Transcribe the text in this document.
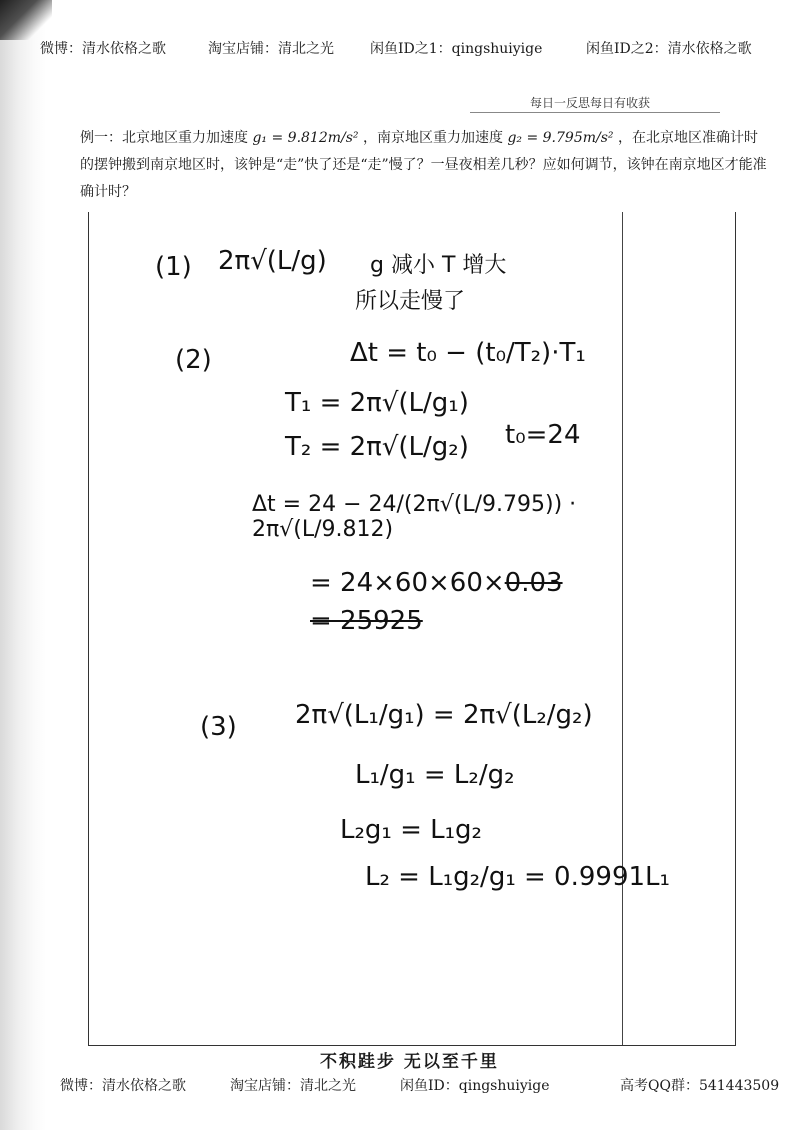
微博：清水依格之歌	淘宝店铺：清北之光	闲鱼ID之1：qingshuiyige	闲鱼ID之2：清水依格之歌
每日一反思每日有收获
例一：北京地区重力加速度 g₁ = 9.812m/s² ，南京地区重力加速度 g₂ = 9.795m/s² ，在北京地区准确计时的摆钟搬到南京地区时，该钟是“走”快了还是“走”慢了？一昼夜相差几秒？应如何调节，该钟在南京地区才能准确计时？
(1) 2π√(L/g) g 减小 T 增大
所以走慢了
(2)	Δt = t₀ − (t₀/T₂)·T₁
T₁ = 2π√(L/g₁)
T₂ = 2π√(L/g₂) t₀=24
Δt = 24 − 24/(2π√(L/9.795)) · 2π√(L/9.812)
= 24×60×60×0.03
= 25925
(3) 2π√(L₁/g₁) = 2π√(L₂/g₂)
L₁/g₁ = L₂/g₂
L₂g₁ = L₁g₂
L₂ = L₁g₂/g₁ = 0.9991L₁
不积跬步 无以至千里
微博：清水依格之歌	淘宝店铺：清北之光	闲鱼ID：qingshuiyige	高考QQ群：541443509
